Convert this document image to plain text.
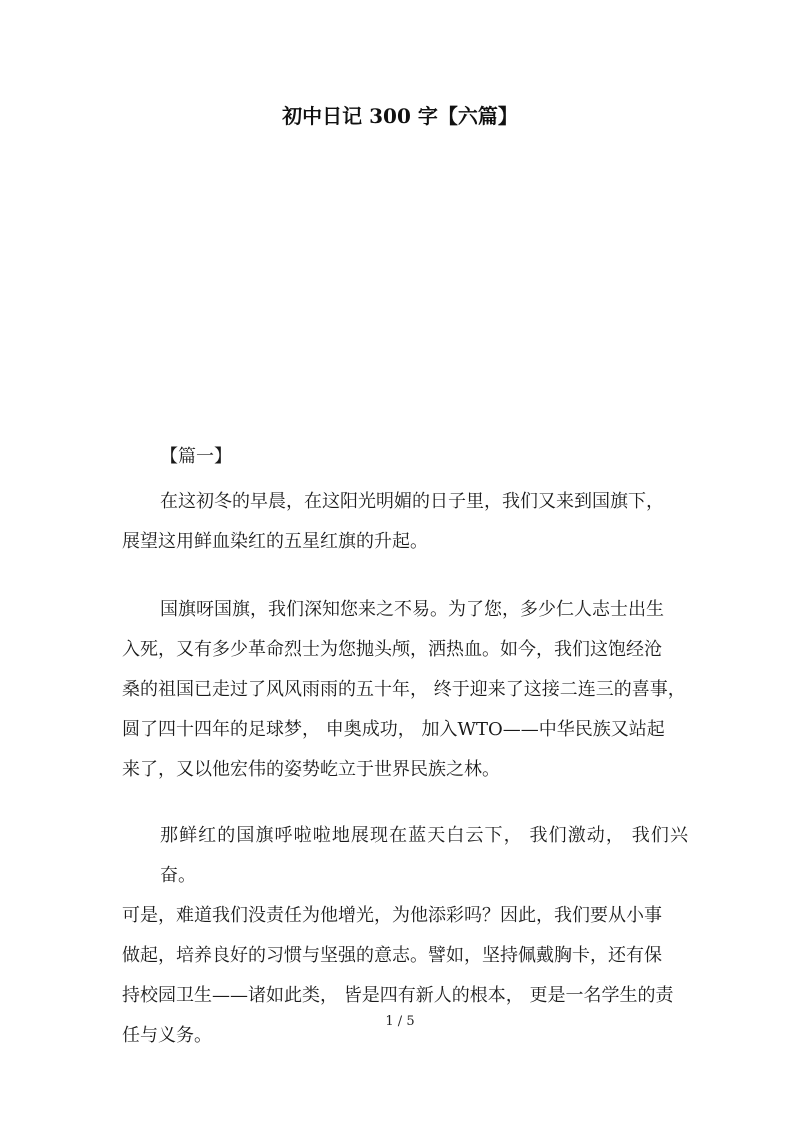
初中日记 300 字【六篇】
【篇一】
在这初冬的早晨，在这阳光明媚的日子里，我们又来到国旗下，
展望这用鲜血染红的五星红旗的升起。
国旗呀国旗，我们深知您来之不易。为了您，多少仁人志士出生
入死，又有多少革命烈士为您抛头颅，洒热血。如今，我们这饱经沧
桑的祖国已走过了风风雨雨的五十年， 终于迎来了这接二连三的喜事，
圆了四十四年的足球梦， 申奥成功， 加入WTO——中华民族又站起
来了，又以他宏伟的姿势屹立于世界民族之林。
那鲜红的国旗呼啦啦地展现在蓝天白云下， 我们激动， 我们兴奋。
可是，难道我们没责任为他增光，为他添彩吗？因此，我们要从小事
做起，培养良好的习惯与坚强的意志。譬如，坚持佩戴胸卡，还有保
持校园卫生——诸如此类， 皆是四有新人的根本， 更是一名学生的责
任与义务。
1 / 5
